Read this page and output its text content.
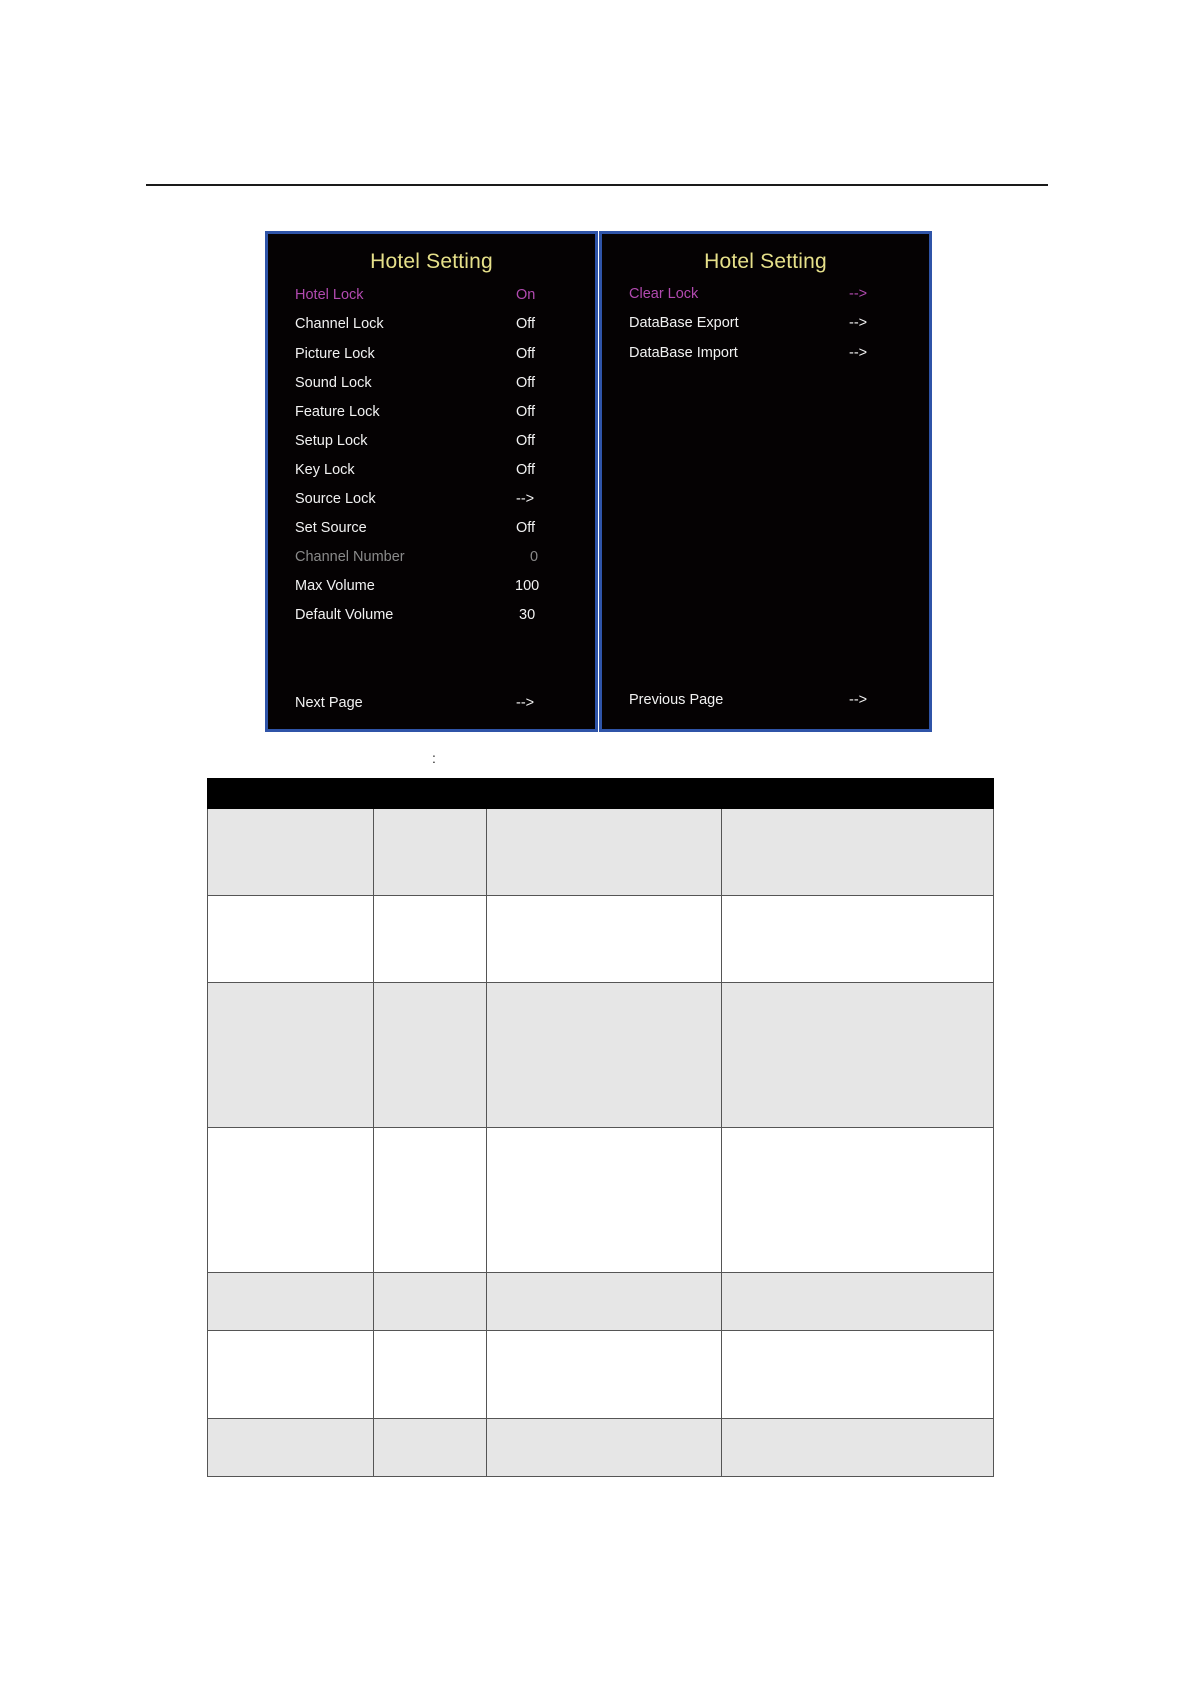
Hotel Setting
Hotel Lock	On
Channel Lock	Off
Picture Lock	Off
Sound Lock	Off
Feature Lock	Off
Setup Lock	Off
Key Lock	Off
Source Lock	-->
Set Source	Off
Channel Number	0
Max Volume	100
Default Volume	30
Next Page	-->
Hotel Setting
Clear Lock	-->
DataBase Export	-->
DataBase Import	-->
Previous Page	-->
:
